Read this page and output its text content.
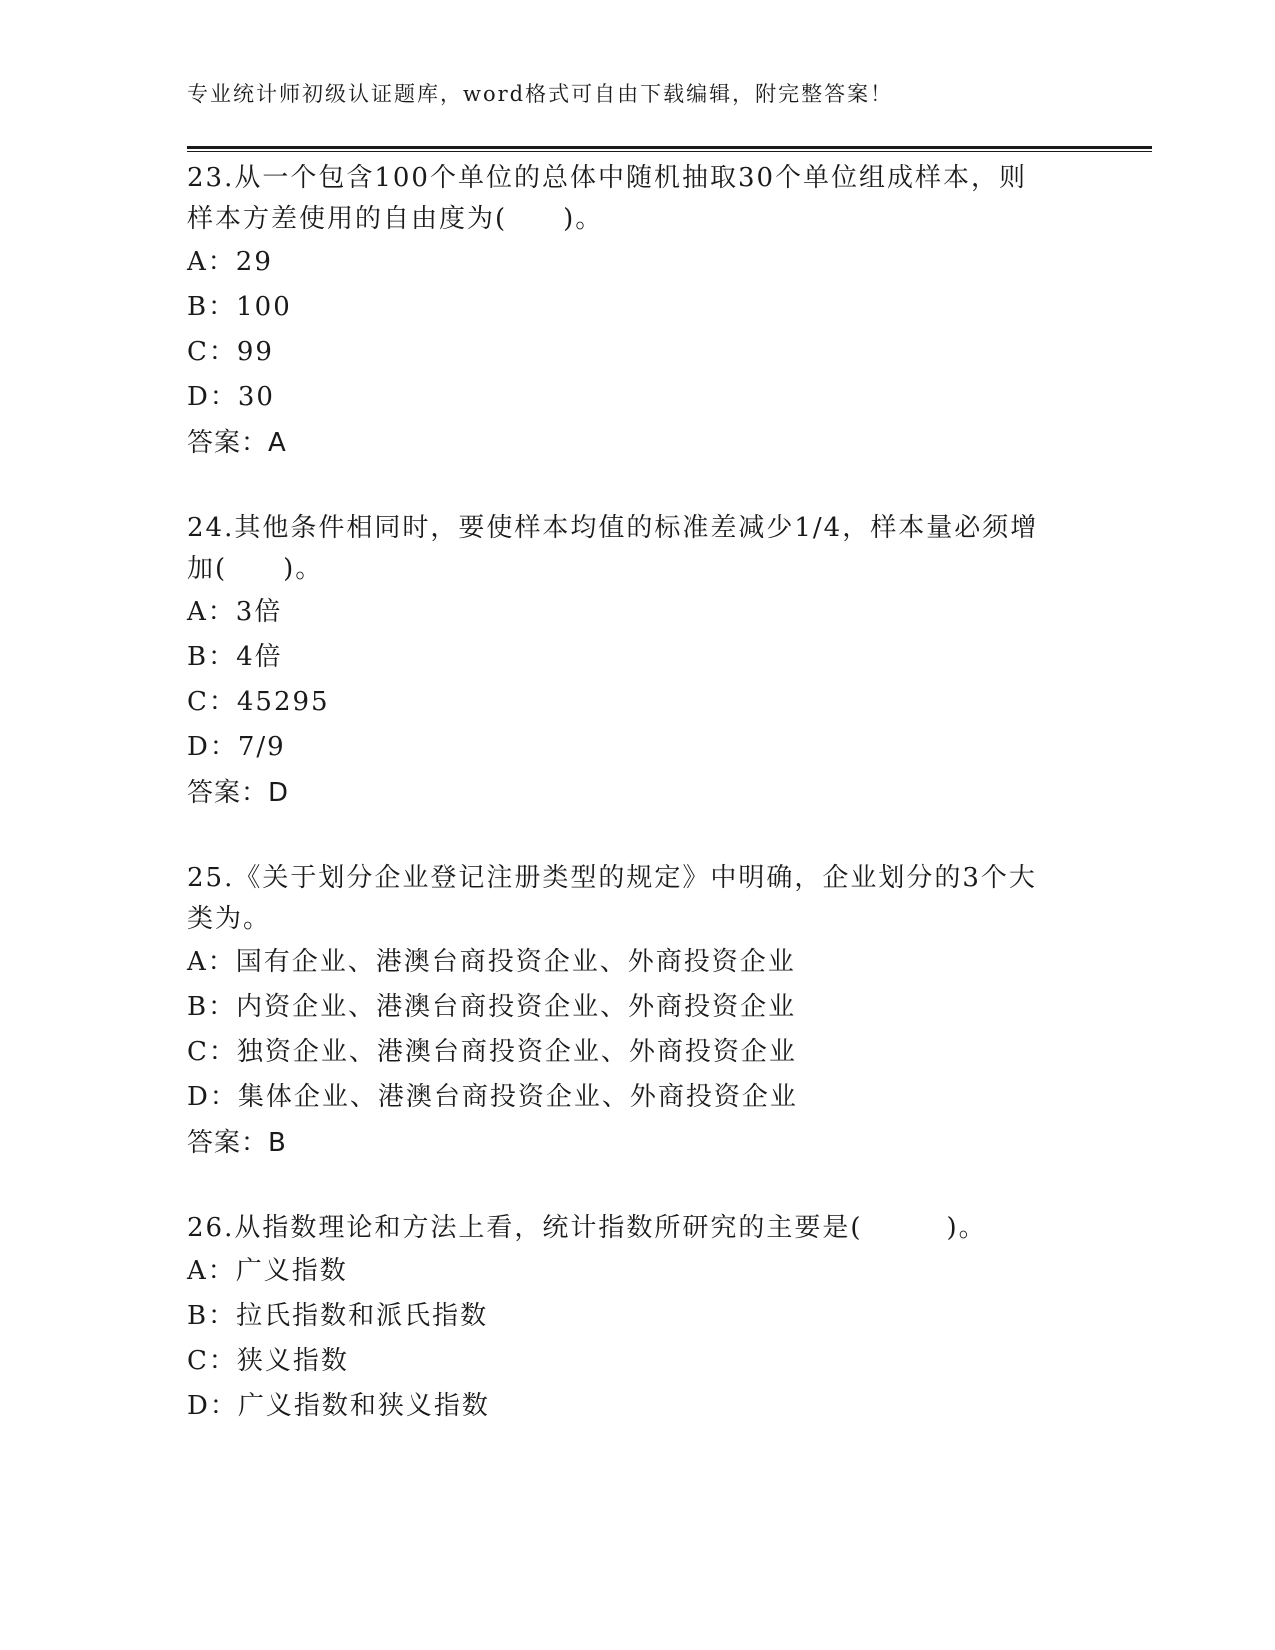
专业统计师初级认证题库，word格式可自由下载编辑，附完整答案！

23.从一个包含100个单位的总体中随机抽取30个单位组成样本，则

样本方差使用的自由度为(　　)。

A：29

B：100

C：99

D：30

答案：A

24.其他条件相同时，要使样本均值的标准差减少1/4，样本量必须增

加(　　)。

A：3倍

B：4倍

C：45295

D：7/9

答案：D

25.《关于划分企业登记注册类型的规定》中明确，企业划分的3个大

类为。

A：国有企业、港澳台商投资企业、外商投资企业

B：内资企业、港澳台商投资企业、外商投资企业

C：独资企业、港澳台商投资企业、外商投资企业

D：集体企业、港澳台商投资企业、外商投资企业

答案：B

26.从指数理论和方法上看，统计指数所研究的主要是(　　　)。

A：广义指数

B：拉氏指数和派氏指数

C：狭义指数

D：广义指数和狭义指数
